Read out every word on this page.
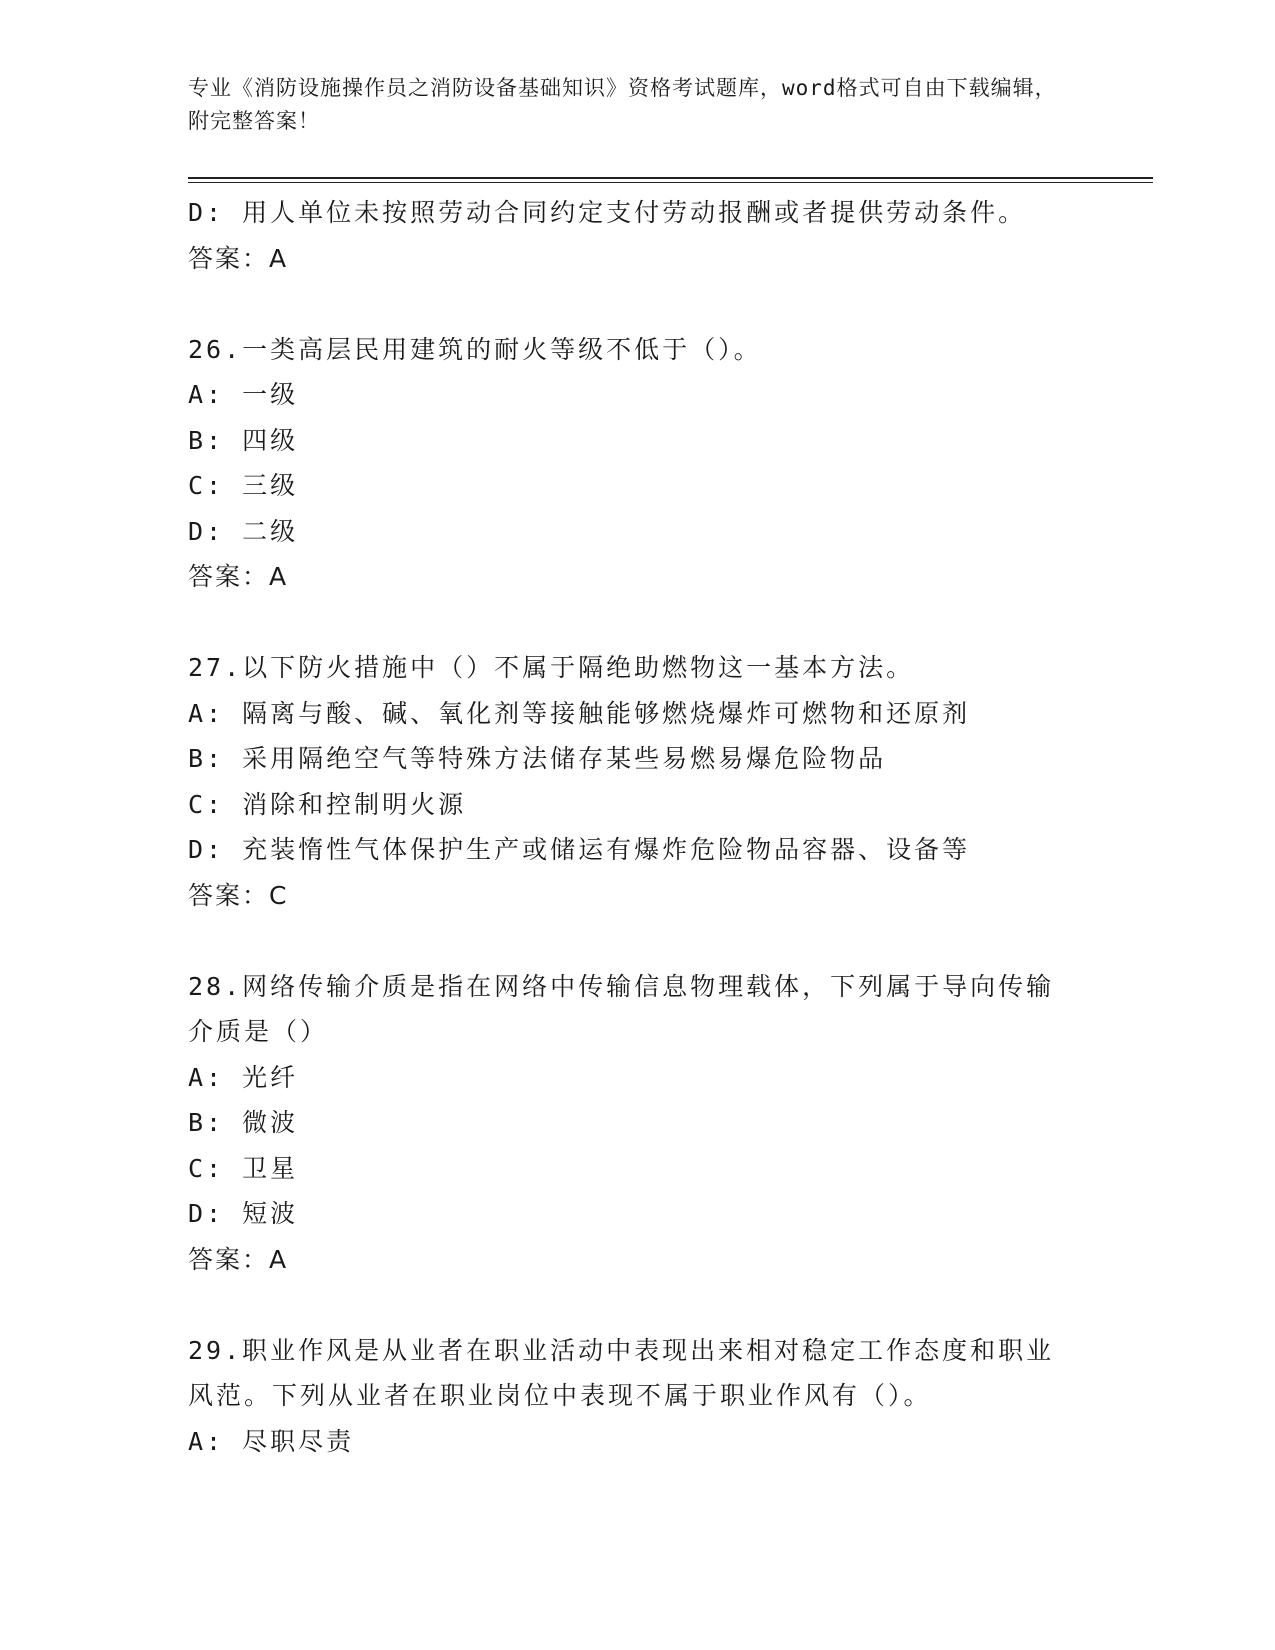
专业《消防设施操作员之消防设备基础知识》资格考试题库，word格式可自由下载编辑，附完整答案！
D: 用人单位未按照劳动合同约定支付劳动报酬或者提供劳动条件。
答案：A
26.一类高层民用建筑的耐火等级不低于（）。
A: 一级
B: 四级
C: 三级
D: 二级
答案：A
27.以下防火措施中（）不属于隔绝助燃物这一基本方法。
A: 隔离与酸、碱、氧化剂等接触能够燃烧爆炸可燃物和还原剂
B: 采用隔绝空气等特殊方法储存某些易燃易爆危险物品
C: 消除和控制明火源
D: 充装惰性气体保护生产或储运有爆炸危险物品容器、设备等
答案：C
28.网络传输介质是指在网络中传输信息物理载体，下列属于导向传输介质是（）
A: 光纤
B: 微波
C: 卫星
D: 短波
答案：A
29.职业作风是从业者在职业活动中表现出来相对稳定工作态度和职业风范。下列从业者在职业岗位中表现不属于职业作风有（）。
A: 尽职尽责
